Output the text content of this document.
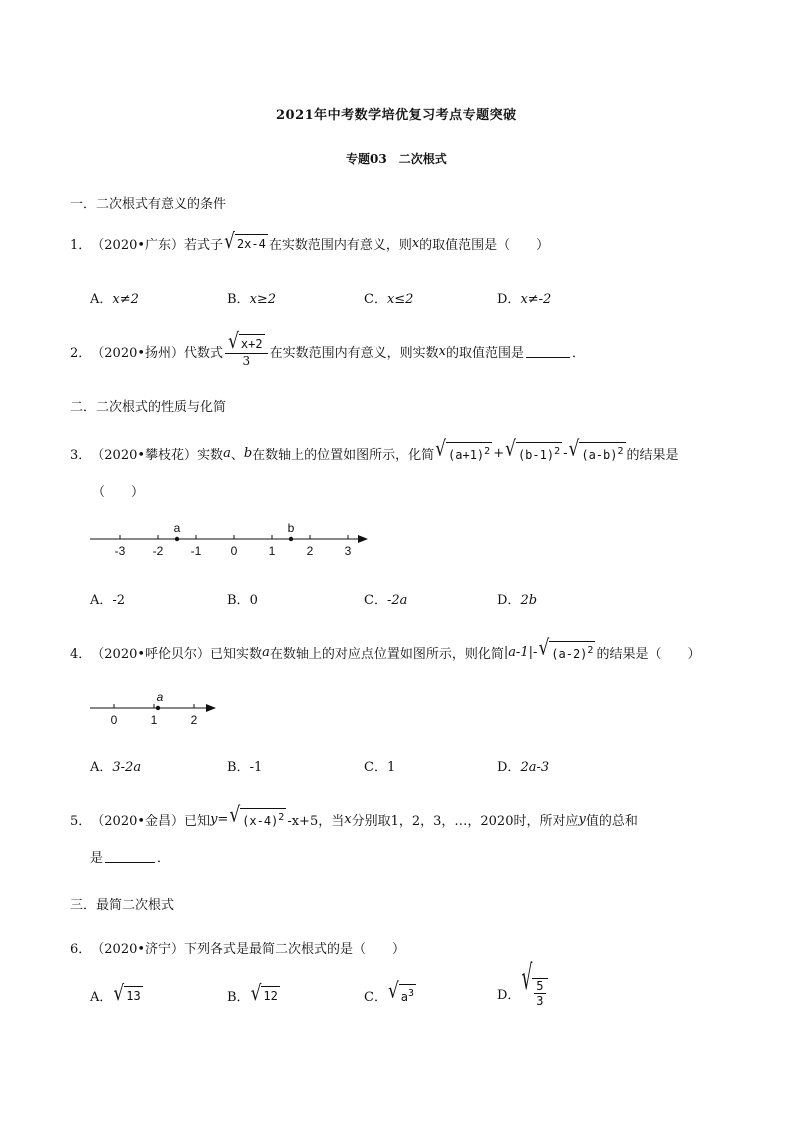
2021年中考数学培优复习考点专题突破
专题03　二次根式
一．二次根式有意义的条件
1． （2020•广东） 若式子 √ 2x-4 在实数范围内有意义，则 x 的取值范围是（　　）
A．x≠2	B．x≥2	C．x≤2	D．x≠-2
2． （2020•扬州） 代数式 $\frac{√ x+2}{3}$ 在实数范围内有意义，则实数 x 的取值范围是	．
二．二次根式的性质与化简
3． （2020•攀枝花） 实数 a 、 b 在数轴上的位置如图所示，化简 √ $(a+1)^2$ + √ $(b-1)^2$ - √ $(a-b)^2$ 的结果是
（　　）
-3 -2 -1 0	1	2	3
a	b
A．-2	B．0	C．-2a	D．2b
4． （2020•呼伦贝尔） 已知实数 a 在数轴上的对应点位置如图所示，则化简 |a-1| - √ $(a-2)^2$ 的结果是（　　）
0	1	2
a
A．3-2a	B．-1	C．1	D．2a-3
5． （2020•金昌） 已知 y = √ $(x-4)^2$ -x+5，当 x 分别取1，2，3，…，2020时，所对应 y 值的总和
是	．
三．最简二次根式
6． （2020•济宁） 下列各式是最简二次根式的是（　　）
A． √ 13	B． √ 12	C． √ $a^3$	D． √ $\frac{5}{3}$
